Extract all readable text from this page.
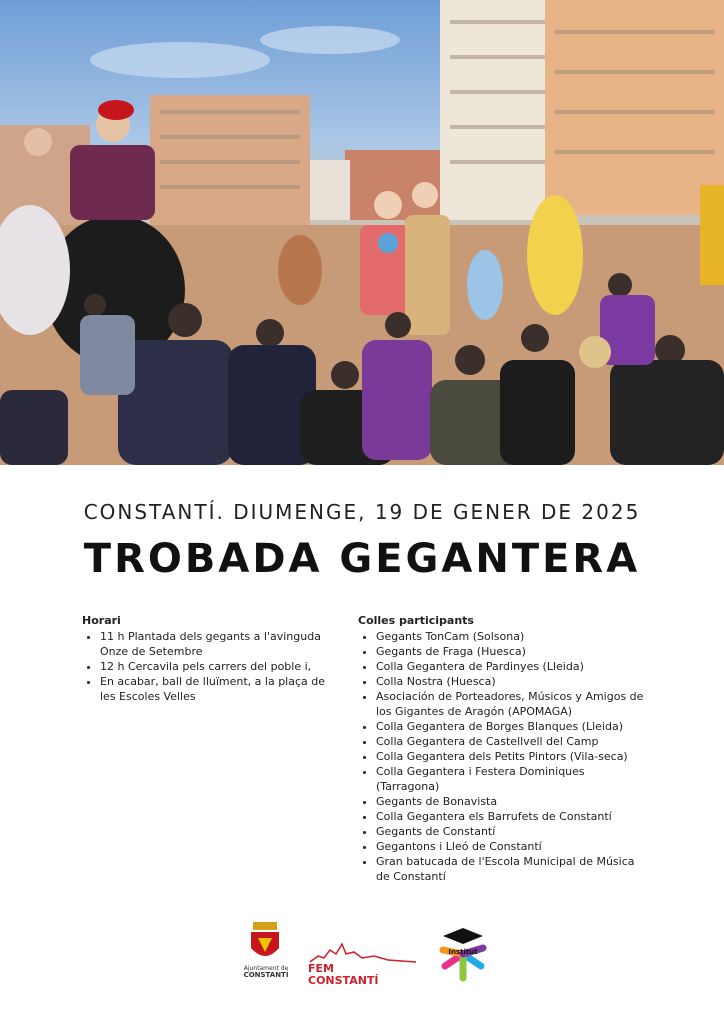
CONSTANTÍ. DIUMENGE, 19 DE GENER DE 2025
TROBADA GEGANTERA
Horari
• 11 h Plantada dels gegants a l'avinguda Onze de Setembre
• 12 h Cercavila pels carrers del poble i,
• En acabar, ball de lluïment, a la plaça de les Escoles Velles
Colles participants
• Gegants TonCam (Solsona)
• Gegants de Fraga (Huesca)
• Colla Gegantera de Pardinyes (Lleida)
• Colla Nostra (Huesca)
• Asociación de Porteadores, Músicos y Amigos de los Gigantes de Aragón (APOMAGA)
• Colla Gegantera de Borges Blanques (Lleida)
• Colla Gegantera de Castellvell del Camp
• Colla Gegantera dels Petits Pintors (Vila-seca)
• Colla Gegantera i Festera Dominiques (Tarragona)
• Gegants de Bonavista
• Colla Gegantera els Barrufets de Constantí
• Gegants de Constantí
• Gegantons i Lleó de Constantí
• Gran batucada de l'Escola Municipal de Música de Constantí
Ajuntament de
CONSTANTÍ	FEM
CONSTANTÍ
Institut
